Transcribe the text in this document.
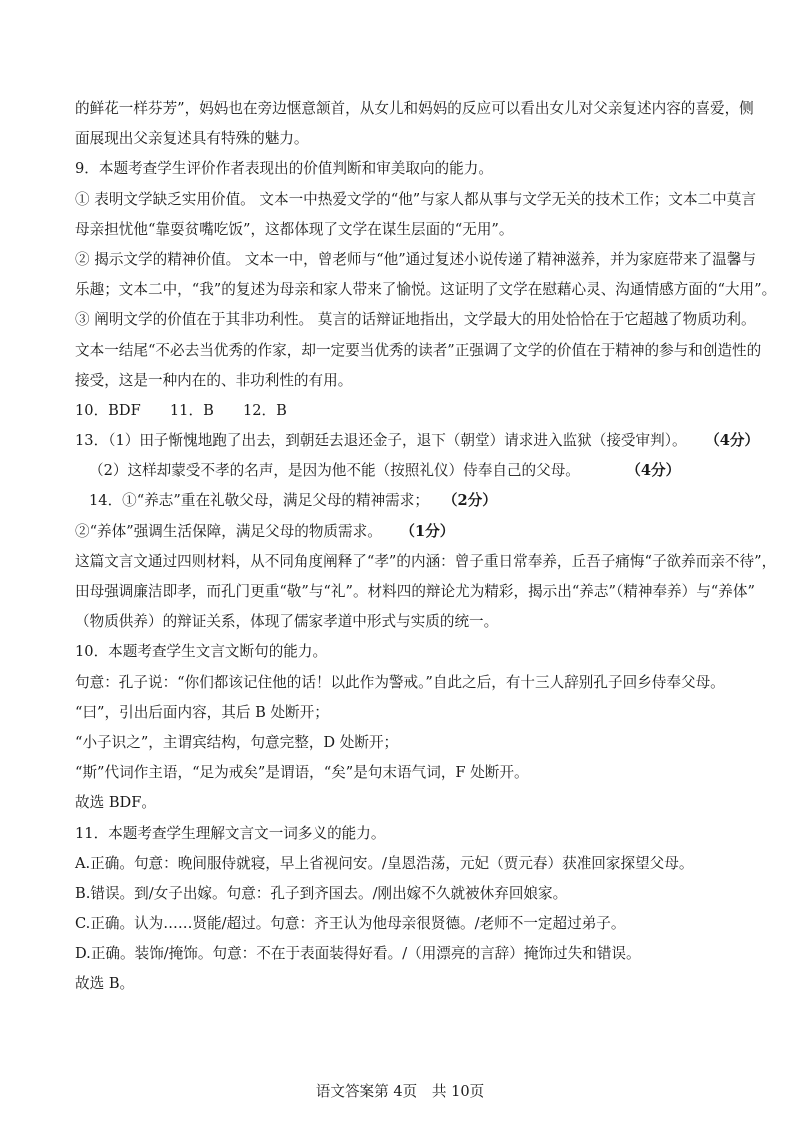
的鲜花一样芬芳”，妈妈也在旁边惬意颔首，从女儿和妈妈的反应可以看出女儿对父亲复述内容的喜爱，侧
面展现出父亲复述具有特殊的魅力。
9．本题考查学生评价作者表现出的价值判断和审美取向的能力。
① 表明文学缺乏实用价值。 文本一中热爱文学的“他”与家人都从事与文学无关的技术工作；文本二中莫言
母亲担忧他“靠耍贫嘴吃饭”，这都体现了文学在谋生层面的“无用”。
② 揭示文学的精神价值。 文本一中，曾老师与“他”通过复述小说传递了精神滋养，并为家庭带来了温馨与
乐趣；文本二中，“我”的复述为母亲和家人带来了愉悦。这证明了文学在慰藉心灵、沟通情感方面的“大用”。
③ 阐明文学的价值在于其非功利性。 莫言的话辩证地指出，文学最大的用处恰恰在于它超越了物质功利。
文本一结尾“不必去当优秀的作家，却一定要当优秀的读者”正强调了文学的价值在于精神的参与和创造性的
接受，这是一种内在的、非功利性的有用。
10．BDF　　11．B　　12．B
13．（1）田子惭愧地跑了出去，到朝廷去退还金子，退下（朝堂）请求进入监狱（接受审判）。 （4分）
（2）这样却蒙受不孝的名声，是因为他不能（按照礼仪）侍奉自己的父母。	（4分）
14．①“养志”重在礼敬父母，满足父母的精神需求； （2分）
②“养体”强调生活保障，满足父母的物质需求。 （1分）
这篇文言文通过四则材料，从不同角度阐释了“孝”的内涵：曾子重日常奉养，丘吾子痛悔“子欲养而亲不待”，
田母强调廉洁即孝，而孔门更重“敬”与“礼”。材料四的辩论尤为精彩，揭示出“养志”（精神奉养）与“养体”
（物质供养）的辩证关系，体现了儒家孝道中形式与实质的统一。
10．本题考查学生文言文断句的能力。
句意：孔子说：“你们都该记住他的话！以此作为警戒。”自此之后，有十三人辞别孔子回乡侍奉父母。
“曰”，引出后面内容，其后 B 处断开；
“小子识之”，主谓宾结构，句意完整，D 处断开；
“斯”代词作主语，“足为戒矣”是谓语，“矣”是句末语气词，F 处断开。
故选 BDF。
11．本题考查学生理解文言文一词多义的能力。
A.正确。句意：晚间服侍就寝，早上省视问安。/皇恩浩荡，元妃（贾元春）获准回家探望父母。
B.错误。到/女子出嫁。句意：孔子到齐国去。/刚出嫁不久就被休弃回娘家。
C.正确。认为……贤能/超过。句意：齐王认为他母亲很贤德。/老师不一定超过弟子。
D.正确。装饰/掩饰。句意：不在于表面装得好看。/（用漂亮的言辞）掩饰过失和错误。
故选 B。
语文答案第 4页　共 10页
